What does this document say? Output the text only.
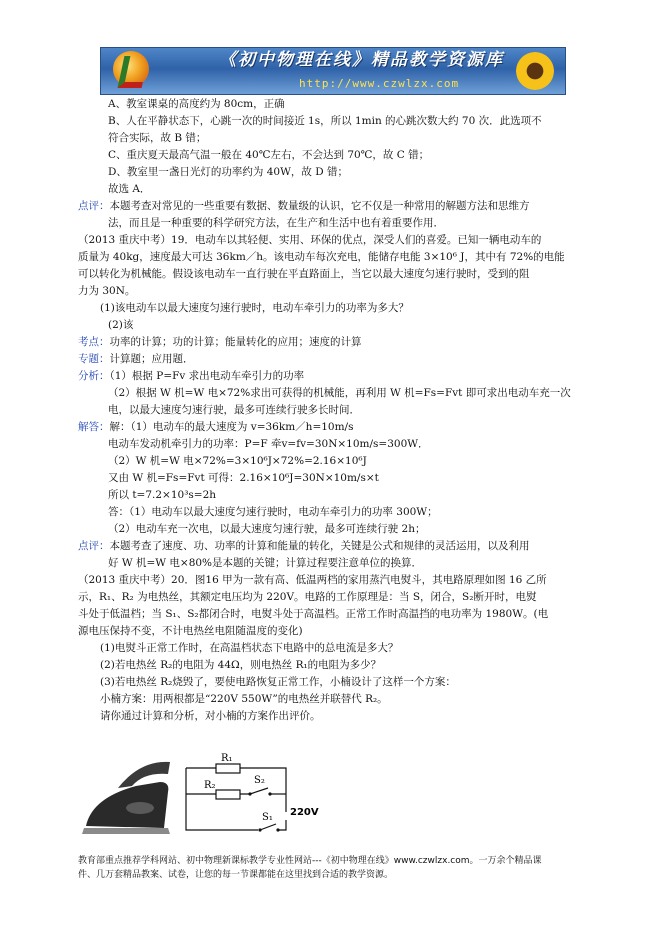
《初中物理在线》精品教学资源库
http://www.czwlzx.com
A、教室课桌的高度约为 80cm，正确
B、人在平静状态下，心跳一次的时间接近 1s，所以 1min 的心跳次数大约 70 次．此选项不
符合实际，故 B 错；
C、重庆夏天最高气温一般在 40℃左右，不会达到 70℃，故 C 错；
D、教室里一盏日光灯的功率约为 40W，故 D 错；
故选 A．
点评：本题考查对常见的一些重要有数据、数量级的认识，它不仅是一种常用的解题方法和思维方
法，而且是一种重要的科学研究方法，在生产和生活中也有着重要作用．
（2013 重庆中考）19．电动车以其轻便、实用、环保的优点，深受人们的喜爱。已知一辆电动车的
质量为 40kg，速度最大可达 36km／h。该电动车每次充电，能储存电能 3×10⁶ J，其中有 72%的电能
可以转化为机械能。假设该电动车一直行驶在平直路面上，当它以最大速度匀速行驶时，受到的阻
力为 30N。
(1)该电动车以最大速度匀速行驶时，电动车牵引力的功率为多大？
(2)该
考点：功率的计算；功的计算；能量转化的应用；速度的计算
专题：计算题；应用题．
分析：（1）根据 P=Fv 求出电动车牵引力的功率
（2）根据 W 机=W 电×72%求出可获得的机械能，再利用 W 机=Fs=Fvt 即可求出电动车充一次
电，以最大速度匀速行驶，最多可连续行驶多长时间．
解答：解：（1）电动车的最大速度为 v=36km／h=10m/s
电动车发动机牵引力的功率：P=F 牵v=fv=30N×10m/s=300W．
（2）W 机=W 电×72%=3×10⁶J×72%=2.16×10⁶J
又由 W 机=Fs=Fvt 可得：2.16×10⁶J=30N×10m/s×t
所以 t=7.2×10³s=2h
答：（1）电动车以最大速度匀速行驶时，电动车牵引力的功率 300W；
（2）电动车充一次电，以最大速度匀速行驶，最多可连续行驶 2h；
点评：本题考查了速度、功、功率的计算和能量的转化，关键是公式和规律的灵活运用，以及利用
好 W 机=W 电×80%是本题的关键；计算过程要注意单位的换算．
（2013 重庆中考）20．图16 甲为一款有高、低温两档的家用蒸汽电熨斗，其电路原理如图 16 乙所
示，R₁、R₂ 为电热丝，其额定电压均为 220V。电路的工作原理是：当 S，闭合，S₂断开时，电熨
斗处于低温档；当 S₁、S₂都闭合时，电熨斗处于高温档。正常工作时高温挡的电功率为 1980W。(电
源电压保持不变，不计电热丝电阻随温度的变化)
(1)电熨斗正常工作时，在高温档状态下电路中的总电流是多大？
(2)若电热丝 R₂的电阻为 44Ω，则电热丝 R₁的电阻为多少？
(3)若电热丝 R₂烧毁了，要使电路恢复正常工作，小楠设计了这样一个方案：
小楠方案：用两根都是“220V 550W”的电热丝并联替代 R₂。
请你通过计算和分析，对小楠的方案作出评价。
R₁
R₂	S₂
S₁ 220V
教育部重点推荐学科网站、初中物理新课标教学专业性网站---《初中物理在线》www.czwlzx.com。一万余个精品课
件、几万套精品教案、试卷，让您的每一节课都能在这里找到合适的教学资源。
